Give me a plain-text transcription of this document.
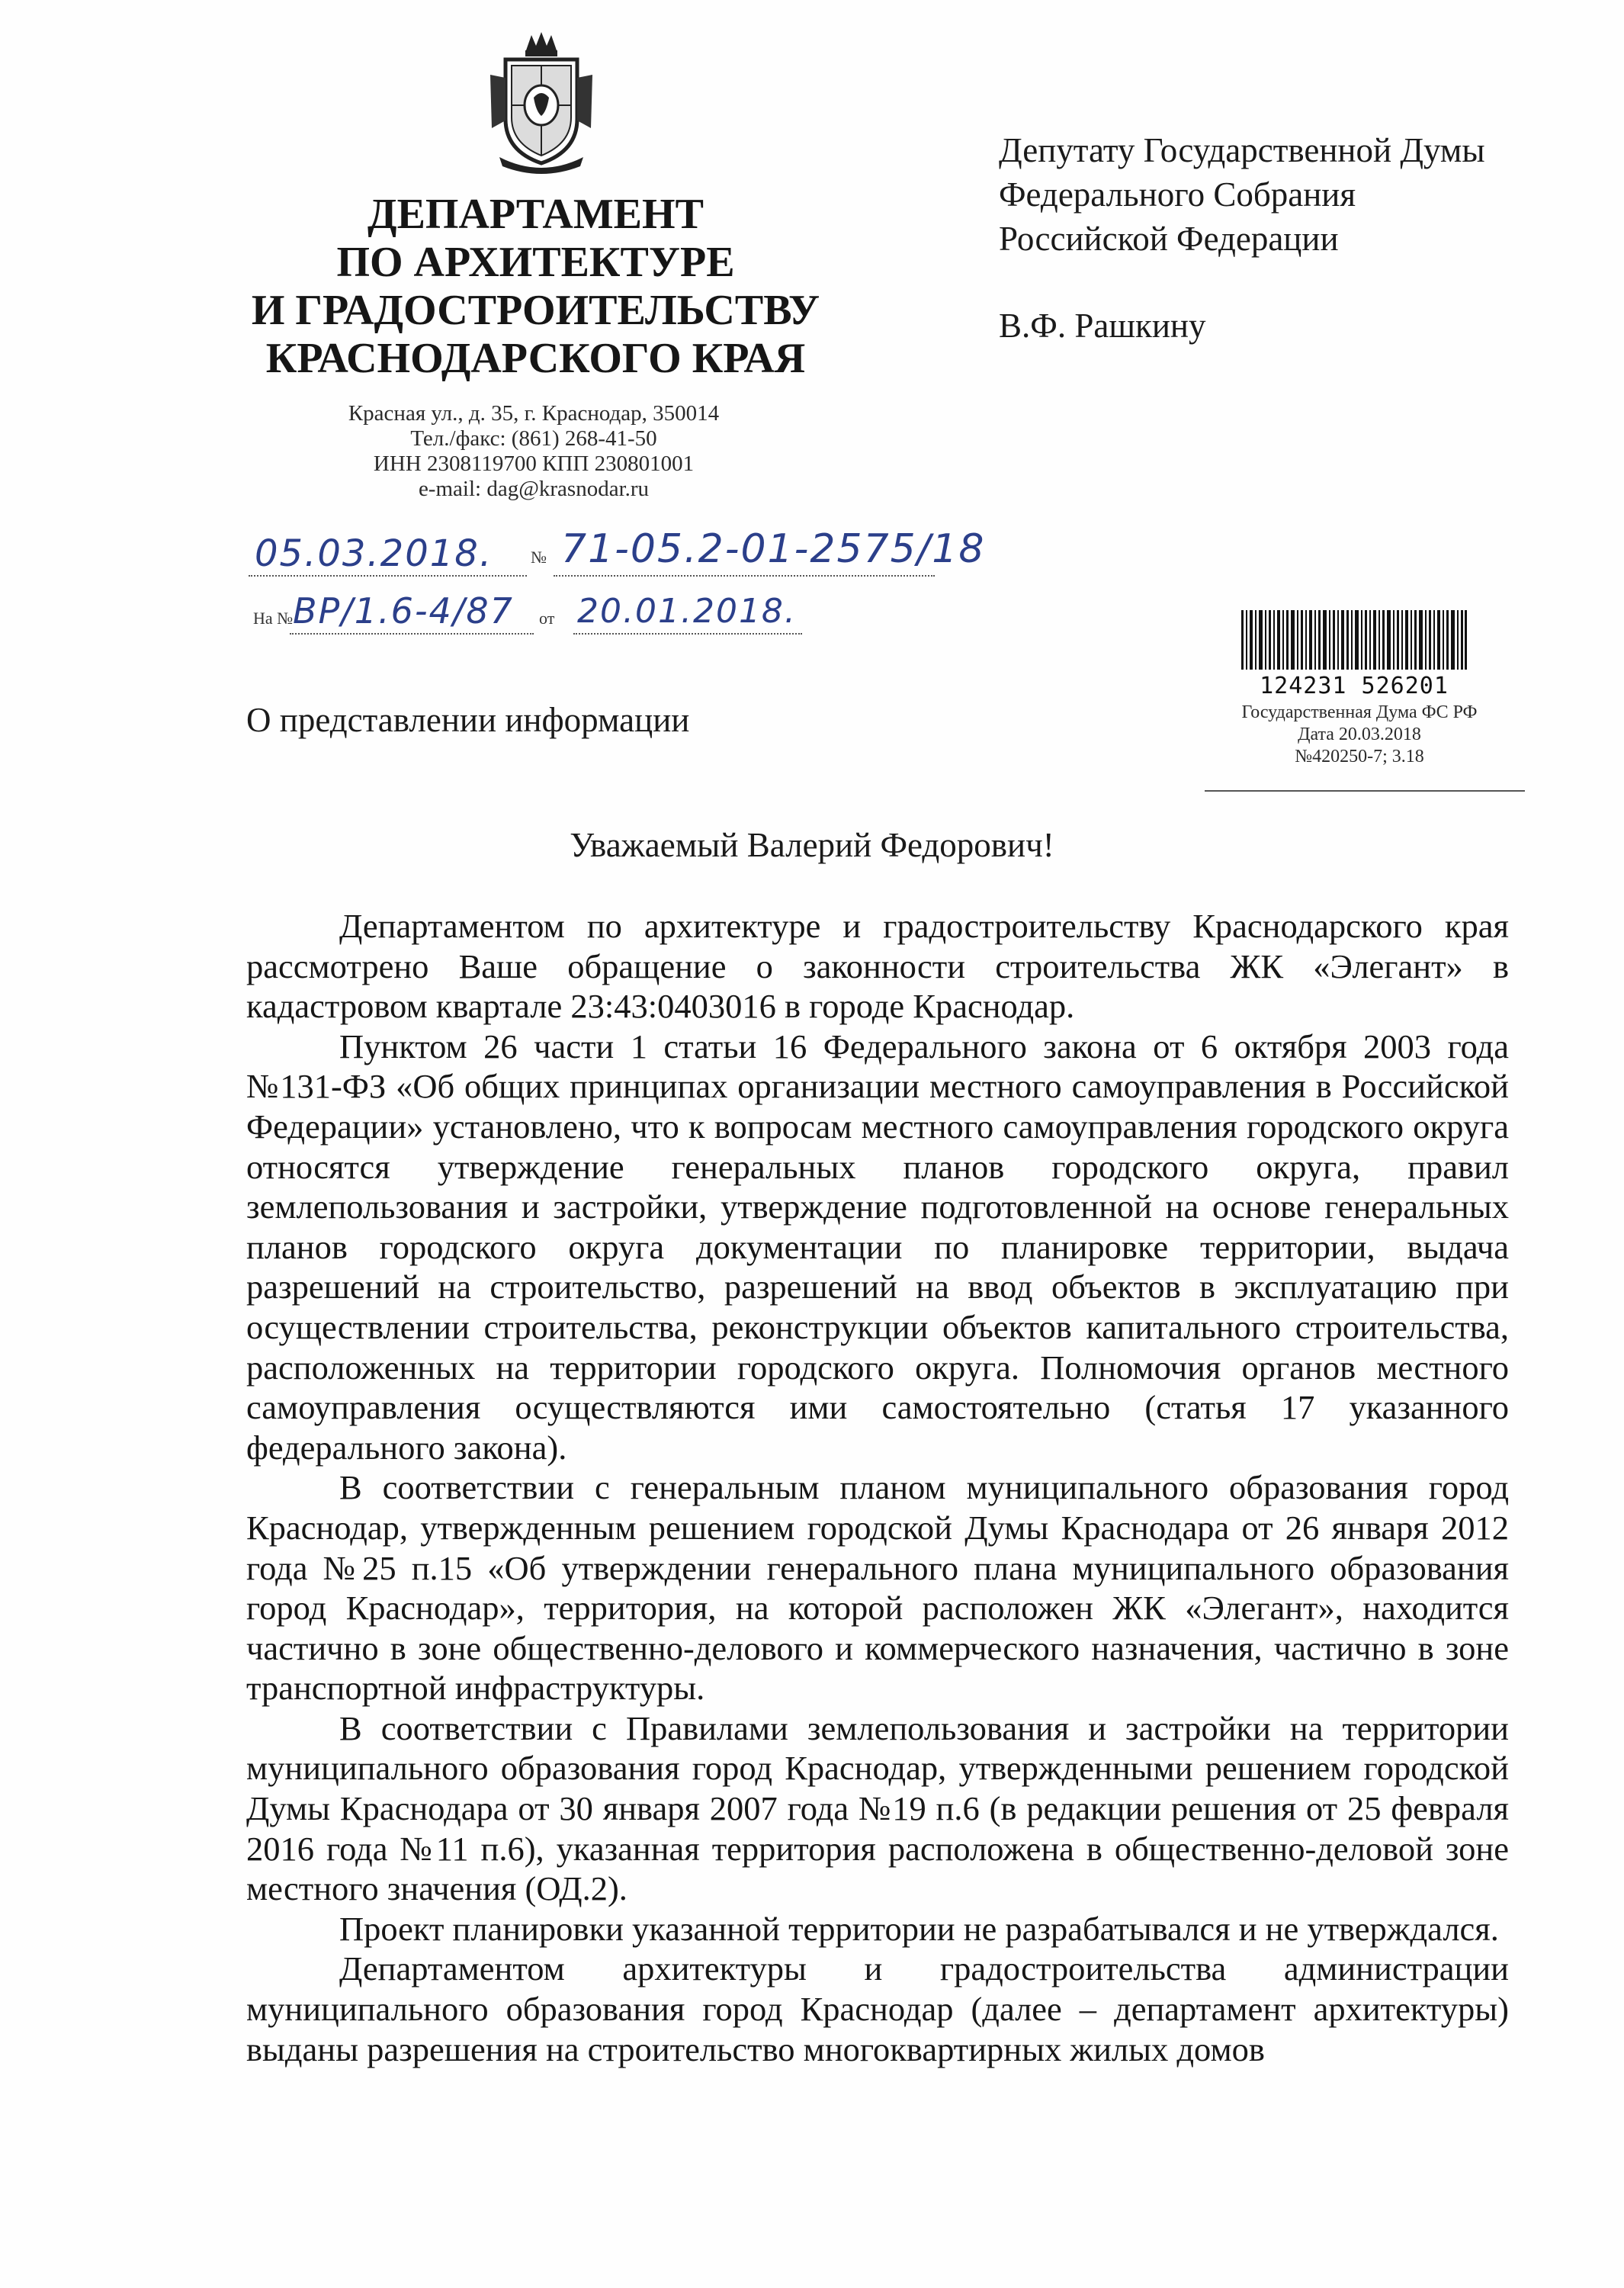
ДЕПАРТАМЕНТ
ПО АРХИТЕКТУРЕ
И ГРАДОСТРОИТЕЛЬСТВУ
КРАСНОДАРСКОГО КРАЯ
Красная ул., д. 35, г. Краснодар, 350014
Тел./факс: (861) 268-41-50
ИНН 2308119700 КПП 230801001
e-mail: dag@krasnodar.ru
05.03.2018. № 71-05.2-01-2575/18
На № ВР/1.6-4/87 от 20.01.2018.
Депутату Государственной Думы
Федерального Собрания
Российской Федерации
В.Ф. Рашкину
124231 526201
Государственная Дума ФС РФ
Дата 20.03.2018
№420250-7; 3.18
О представлении информации
Уважаемый Валерий Федорович!

Департаментом по архитектуре и градостроительству Краснодарского края рассмотрено Ваше обращение о законности строительства ЖК «Элегант» в кадастровом квартале 23:43:0403016 в городе Краснодар.

Пунктом 26 части 1 статьи 16 Федерального закона от 6 октября 2003 года №131-ФЗ «Об общих принципах организации местного самоуправления в Российской Федерации» установлено, что к вопросам местного самоуправления городского округа относятся утверждение генеральных планов городского округа, правил землепользования и застройки, утверждение подготовленной на основе генеральных планов городского округа документации по планировке территории, выдача разрешений на строительство, разрешений на ввод объектов в эксплуатацию при осуществлении строительства, реконструкции объектов капитального строительства, расположенных на территории городского округа. Полномочия органов местного самоуправления осуществляются ими самостоятельно (статья 17 указанного федерального закона).

В соответствии с генеральным планом муниципального образования город Краснодар, утвержденным решением городской Думы Краснодара от 26 января 2012 года №25 п.15 «Об утверждении генерального плана муниципального образования город Краснодар», территория, на которой расположен ЖК «Элегант», находится частично в зоне общественно-делового и коммерческого назначения, частично в зоне транспортной инфраструктуры.

В соответствии с Правилами землепользования и застройки на территории муниципального образования город Краснодар, утвержденными решением городской Думы Краснодара от 30 января 2007 года №19 п.6 (в редакции решения от 25 февраля 2016 года №11 п.6), указанная территория расположена в общественно-деловой зоне местного значения (ОД.2).

Проект планировки указанной территории не разрабатывался и не утверждался.

Департаментом архитектуры и градостроительства администрации муниципального образования город Краснодар (далее – департамент архитектуры) выданы разрешения на строительство многоквартирных жилых домов
